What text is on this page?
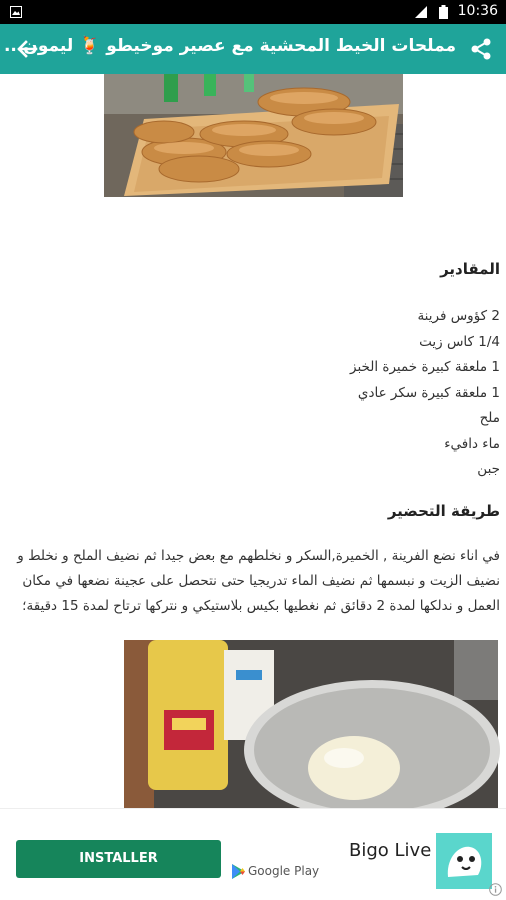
10:36
مملحات الخيط المحشية مع عصير موخيطو 🍹 ليمون...
المقادير
2 كؤوس فرينة
1/4 كاس زيت
1 ملعقة كبيرة خميرة الخبز
1 ملعقة كبيرة سكر عادي
ملح
ماء دافيء
جبن
طريقة التحضير

في اناء نضع الفرينة , الخميرة,السكر و نخلطهم مع بعض جيدا ثم نضيف الملح و نخلط و نضيف الزيت و نبسمها ثم نضيف الماء تدريجيا حتى نتحصل على عجينة نضعها في مكان العمل و ندلكها لمدة 2 دقائق ثم نغطيها بكيس بلاستيكي و نتركها ترتاح لمدة 15 دقيقة؛

INSTALLER
Google Play
Bigo Live
